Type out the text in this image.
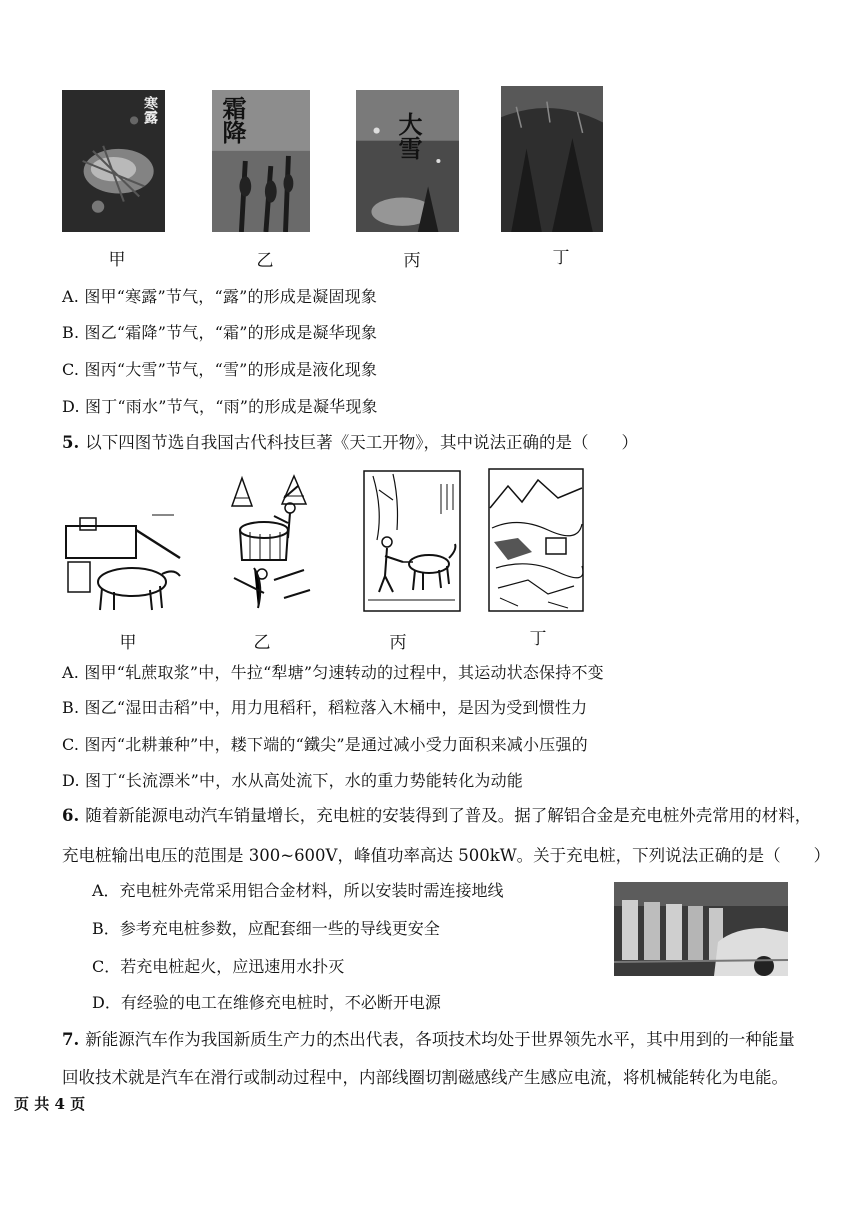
寒露	霜降	大雪
甲	乙	丙	丁
A. 图甲“寒露”节气，“露”的形成是凝固现象
B. 图乙“霜降”节气，“霜”的形成是凝华现象
C. 图丙“大雪”节气，“雪”的形成是液化现象
D. 图丁“雨水”节气，“雨”的形成是凝华现象
5. 以下四图节选自我国古代科技巨著《天工开物》，其中说法正确的是（　　）
甲	乙	丙	丁
A. 图甲“轧蔗取浆”中，牛拉“犁塘”匀速转动的过程中，其运动状态保持不变
B. 图乙“湿田击稻”中，用力甩稻秆，稻粒落入木桶中，是因为受到惯性力
C. 图丙“北耕兼种”中，耧下端的“鐵尖”是通过减小受力面积来减小压强的
D. 图丁“长流漂米”中，水从高处流下，水的重力势能转化为动能
6. 随着新能源电动汽车销量增长，充电桩的安装得到了普及。据了解铝合金是充电桩外壳常用的材料，
充电桩输出电压的范围是 300~600V，峰值功率高达 500kW。关于充电桩，下列说法正确的是（　　）
A．充电桩外壳常采用铝合金材料，所以安装时需连接地线
B．参考充电桩参数，应配套细一些的导线更安全
C．若充电桩起火，应迅速用水扑灭
D．有经验的电工在维修充电桩时，不必断开电源
7. 新能源汽车作为我国新质生产力的杰出代表，各项技术均处于世界领先水平，其中用到的一种能量
回收技术就是汽车在滑行或制动过程中，内部线圈切割磁感线产生感应电流，将机械能转化为电能。
页 共 4 页
